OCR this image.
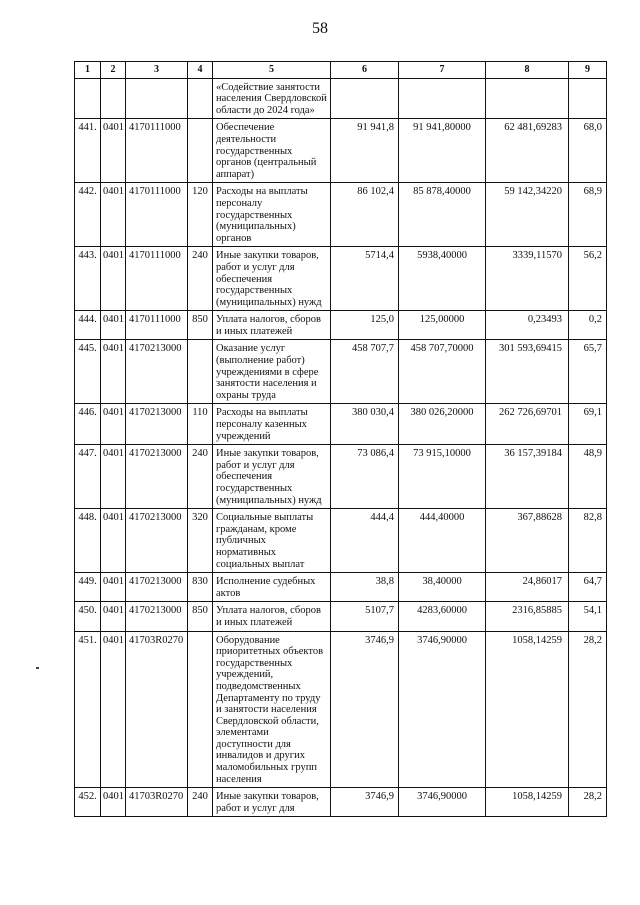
58
1	2	3	4	5	6	7	8	9
				«Содействие занятости населения Свердловской области до 2024 года»				
441.	0401	4170111000		Обеспечение деятельности государственных органов (центральный аппарат)	91 941,8	91 941,80000	62 481,69283	68,0
442.	0401	4170111000	120	Расходы на выплаты персоналу государственных (муниципальных) органов	86 102,4	85 878,40000	59 142,34220	68,9
443.	0401	4170111000	240	Иные закупки товаров, работ и услуг для обеспечения государственных (муниципальных) нужд	5714,4	5938,40000	3339,11570	56,2
444.	0401	4170111000	850	Уплата налогов, сборов и иных платежей	125,0	125,00000	0,23493	0,2
445.	0401	4170213000		Оказание услуг (выполнение работ) учреждениями в сфере занятости населения и охраны труда	458 707,7	458 707,70000	301 593,69415	65,7
446.	0401	4170213000	110	Расходы на выплаты персоналу казенных учреждений	380 030,4	380 026,20000	262 726,69701	69,1
447.	0401	4170213000	240	Иные закупки товаров, работ и услуг для обеспечения государственных (муниципальных) нужд	73 086,4	73 915,10000	36 157,39184	48,9
448.	0401	4170213000	320	Социальные выплаты гражданам, кроме публичных нормативных социальных выплат	444,4	444,40000	367,88628	82,8
449.	0401	4170213000	830	Исполнение судебных актов	38,8	38,40000	24,86017	64,7
450.	0401	4170213000	850	Уплата налогов, сборов и иных платежей	5107,7	4283,60000	2316,85885	54,1
451.	0401	41703R0270		Оборудование приоритетных объектов государственных учреждений, подведомственных Департаменту по труду и занятости населения Свердловской области, элементами доступности для инвалидов и других маломобильных групп населения	3746,9	3746,90000	1058,14259	28,2
452.	0401	41703R0270	240	Иные закупки товаров, работ и услуг для	3746,9	3746,90000	1058,14259	28,2
